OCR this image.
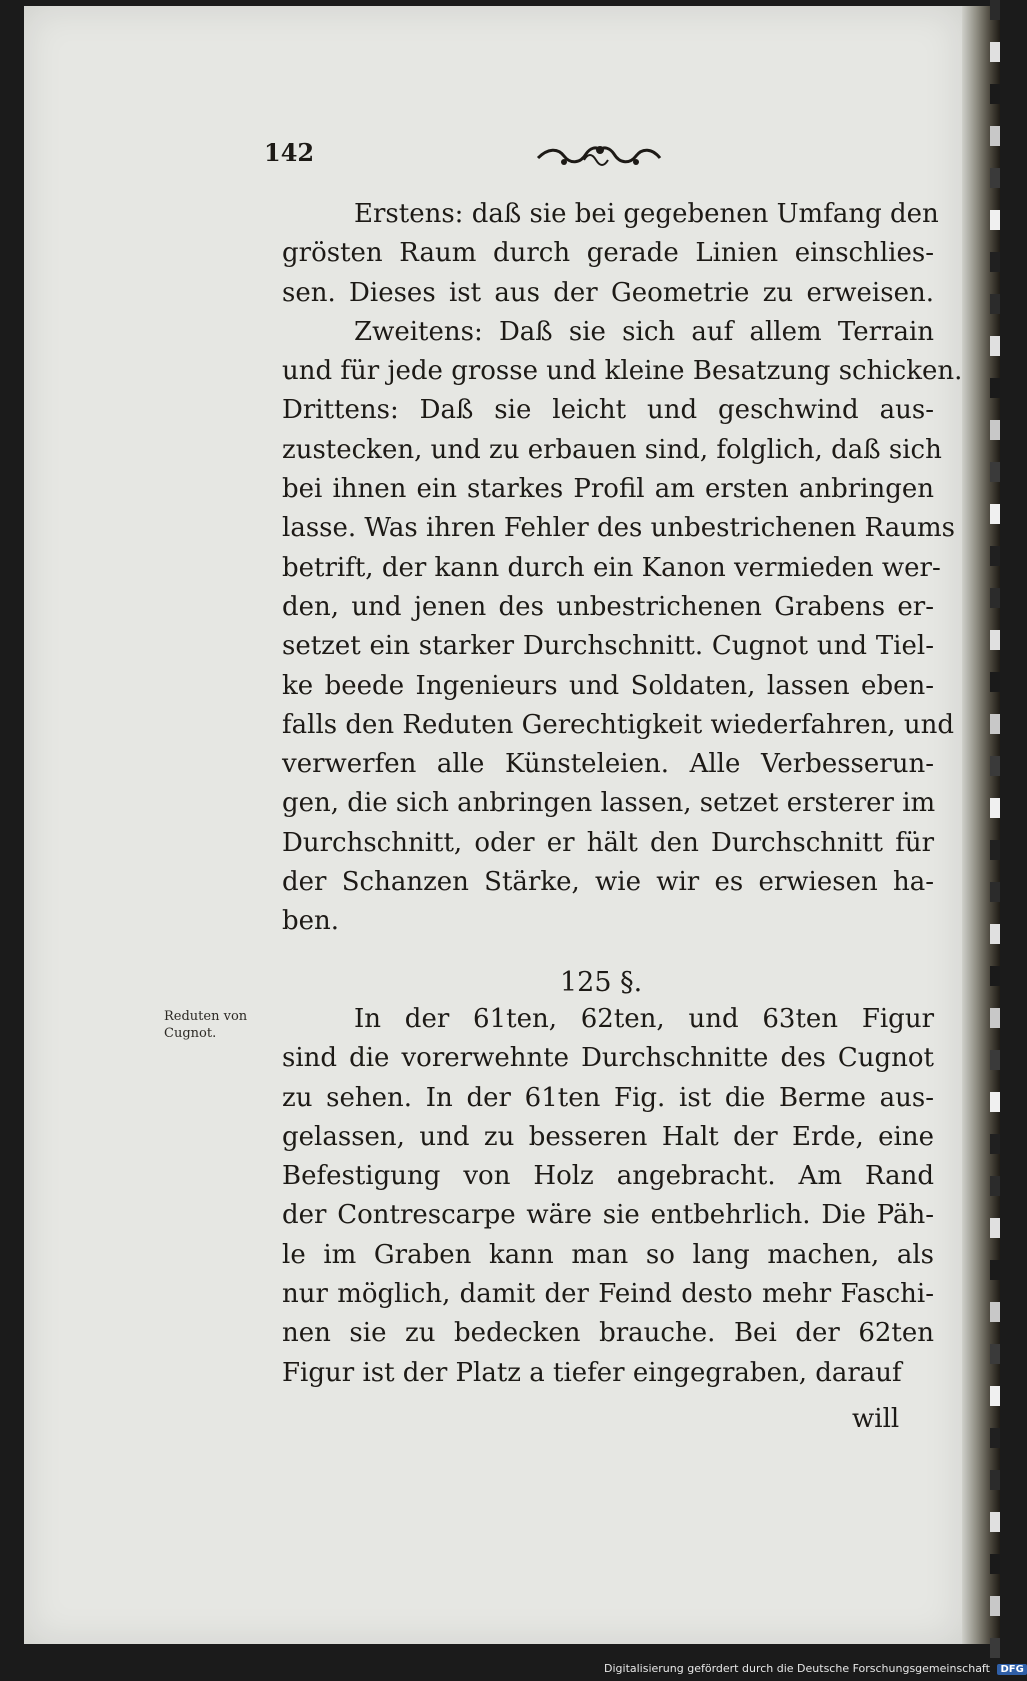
142
Erstens: daß sie bei gegebenen Umfang den
grösten Raum durch gerade Linien einschlies-
sen. Dieses ist aus der Geometrie zu erweisen.
Zweitens: Daß sie sich auf allem Terrain
und für jede grosse und kleine Besatzung schicken.
Drittens: Daß sie leicht und geschwind aus-
zustecken, und zu erbauen sind, folglich, daß sich
bei ihnen ein starkes Profil am ersten anbringen
lasse. Was ihren Fehler des unbestrichenen Raums
betrift, der kann durch ein Kanon vermieden wer-
den, und jenen des unbestrichenen Grabens er-
setzet ein starker Durchschnitt. Cugnot und Tiel-
ke beede Ingenieurs und Soldaten, lassen eben-
falls den Reduten Gerechtigkeit wiederfahren, und
verwerfen alle Künsteleien. Alle Verbesserun-
gen, die sich anbringen lassen, setzet ersterer im
Durchschnitt, oder er hält den Durchschnitt für
der Schanzen Stärke, wie wir es erwiesen ha-
ben.
125 §.
Reduten von
Cugnot.	In der 61ten, 62ten, und 63ten Figur
sind die vorerwehnte Durchschnitte des Cugnot
zu sehen. In der 61ten Fig. ist die Berme aus-
gelassen, und zu besseren Halt der Erde, eine
Befestigung von Holz angebracht. Am Rand
der Contrescarpe wäre sie entbehrlich. Die Päh-
le im Graben kann man so lang machen, als
nur möglich, damit der Feind desto mehr Faschi-
nen sie zu bedecken brauche. Bei der 62ten
Figur ist der Platz a tiefer eingegraben, darauf
will
Digitalisierung gefördert durch die Deutsche Forschungsgemeinschaft DFG
